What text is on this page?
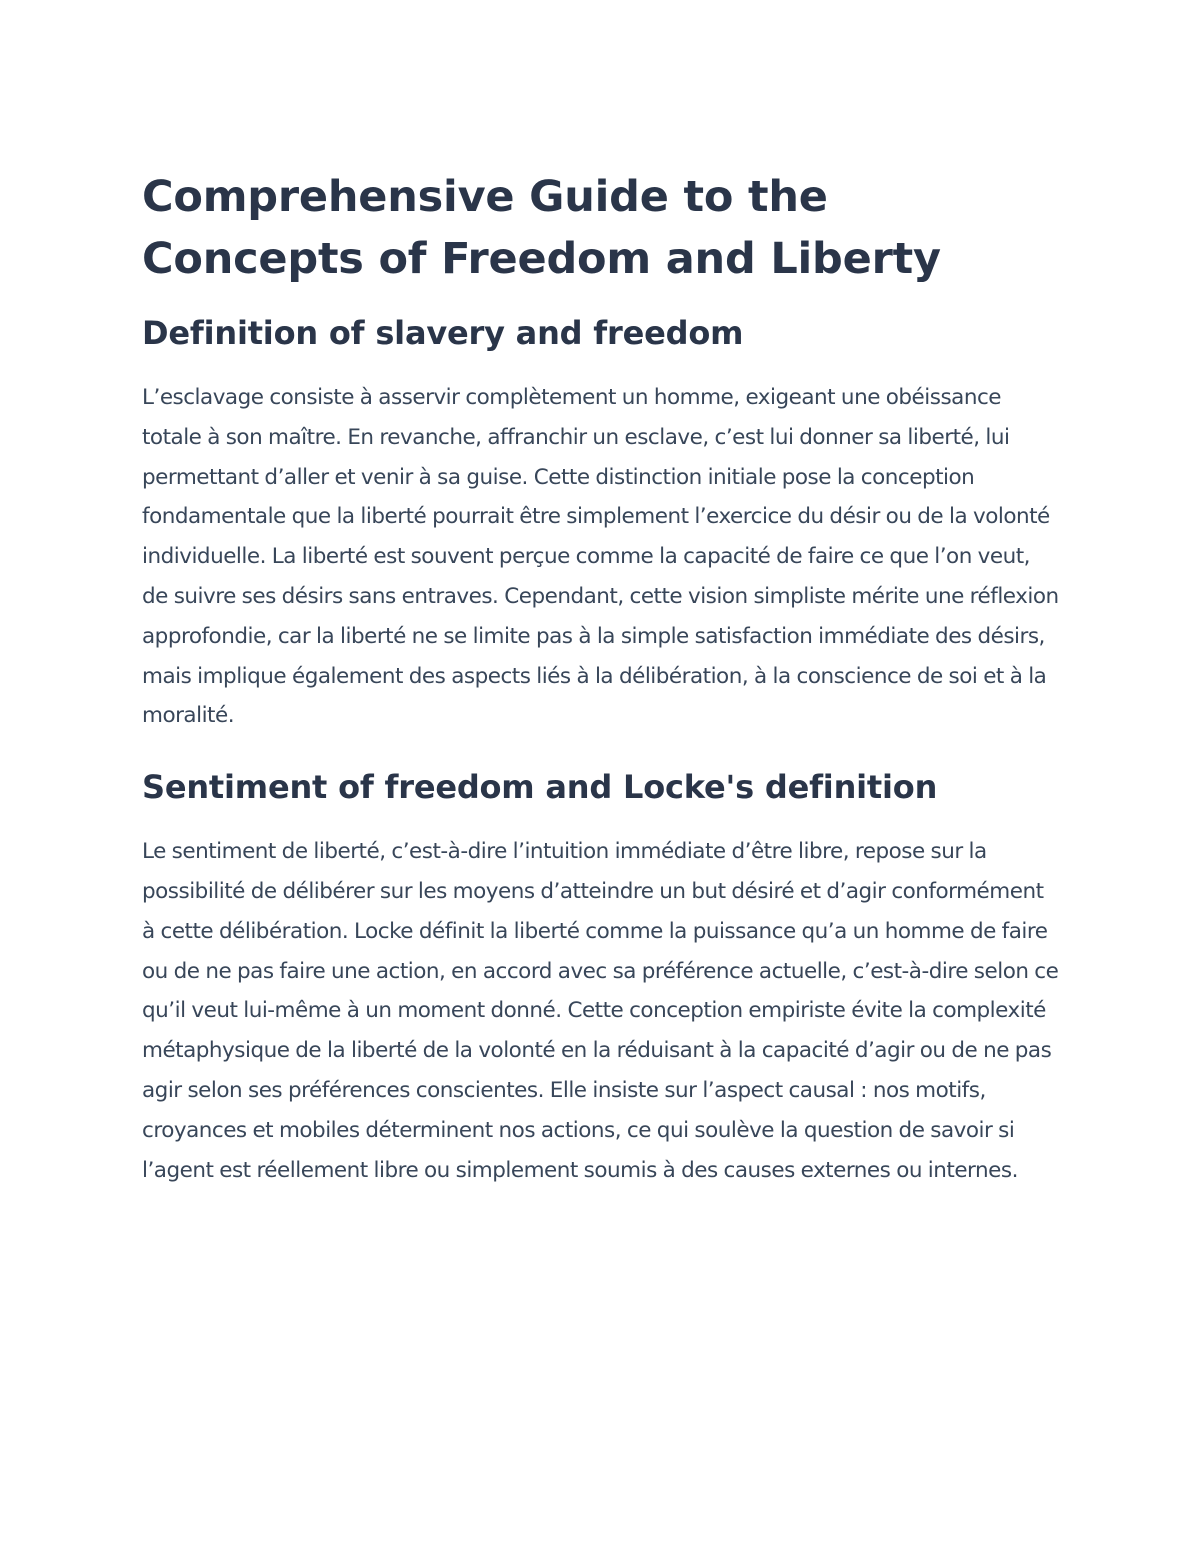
Comprehensive Guide to the Concepts of Freedom and Liberty
Definition of slavery and freedom

L’esclavage consiste à asservir complètement un homme, exigeant une obéissance totale à son maître. En revanche, affranchir un esclave, c’est lui donner sa liberté, lui permettant d’aller et venir à sa guise. Cette distinction initiale pose la conception fondamentale que la liberté pourrait être simplement l’exercice du désir ou de la volonté individuelle. La liberté est souvent perçue comme la capacité de faire ce que l’on veut, de suivre ses désirs sans entraves. Cependant, cette vision simpliste mérite une réflexion approfondie, car la liberté ne se limite pas à la simple satisfaction immédiate des désirs, mais implique également des aspects liés à la délibération, à la conscience de soi et à la moralité.

Sentiment of freedom and Locke's definition

Le sentiment de liberté, c’est-à-dire l’intuition immédiate d’être libre, repose sur la possibilité de délibérer sur les moyens d’atteindre un but désiré et d’agir conformément à cette délibération. Locke définit la liberté comme la puissance qu’a un homme de faire ou de ne pas faire une action, en accord avec sa préférence actuelle, c’est-à-dire selon ce qu’il veut lui-même à un moment donné. Cette conception empiriste évite la complexité métaphysique de la liberté de la volonté en la réduisant à la capacité d’agir ou de ne pas agir selon ses préférences conscientes. Elle insiste sur l’aspect causal : nos motifs, croyances et mobiles déterminent nos actions, ce qui soulève la question de savoir si l’agent est réellement libre ou simplement soumis à des causes externes ou internes.
